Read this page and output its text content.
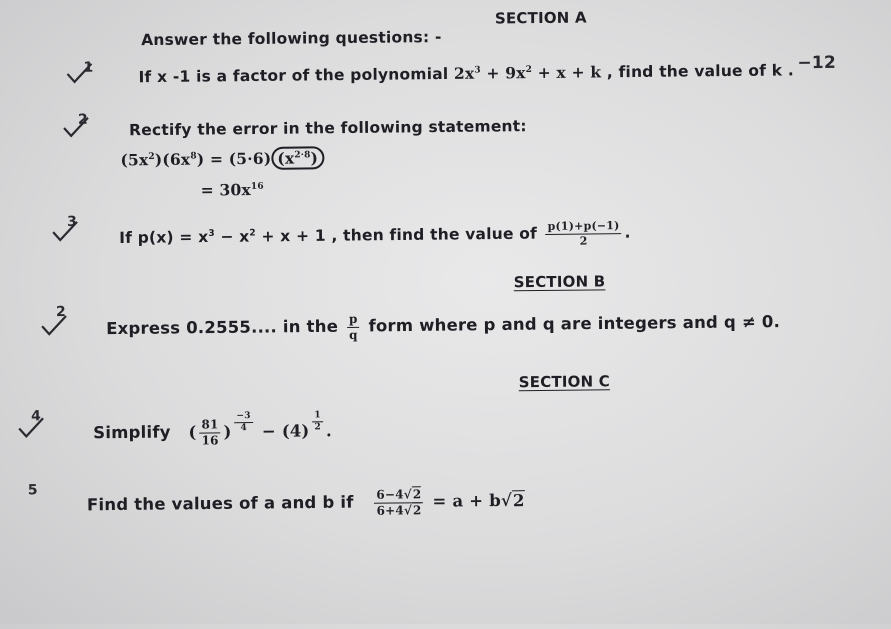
SECTION A
Answer the following questions: -
1	If x -1 is a factor of the polynomial $2x^3 + 9x^2 + x + k$ , find the value of k . −12
2	Rectify the error in the following statement:
$(5x^2)(6x^8) = (5\cdot 6)$ $(x^{2\cdot 8})$
= $30x^{16}$
3
If $p(x) = x^3 - x^2 + x + 1$ , then find the value of $\frac{p(1)+p(-1)}{2}$ .
SECTION B
2
Express 0.2555.... in the $\frac{p}{q}$ form where p and q are integers and q ≠ 0.
SECTION C
4
Simplify ( $\frac{81}{16}$ ) $\frac{-3}{4} - (4) \frac{1}{2}$ .
5
Find the values of a and b if $\frac{6-4√2}{6+4√2} = a + b√2$
